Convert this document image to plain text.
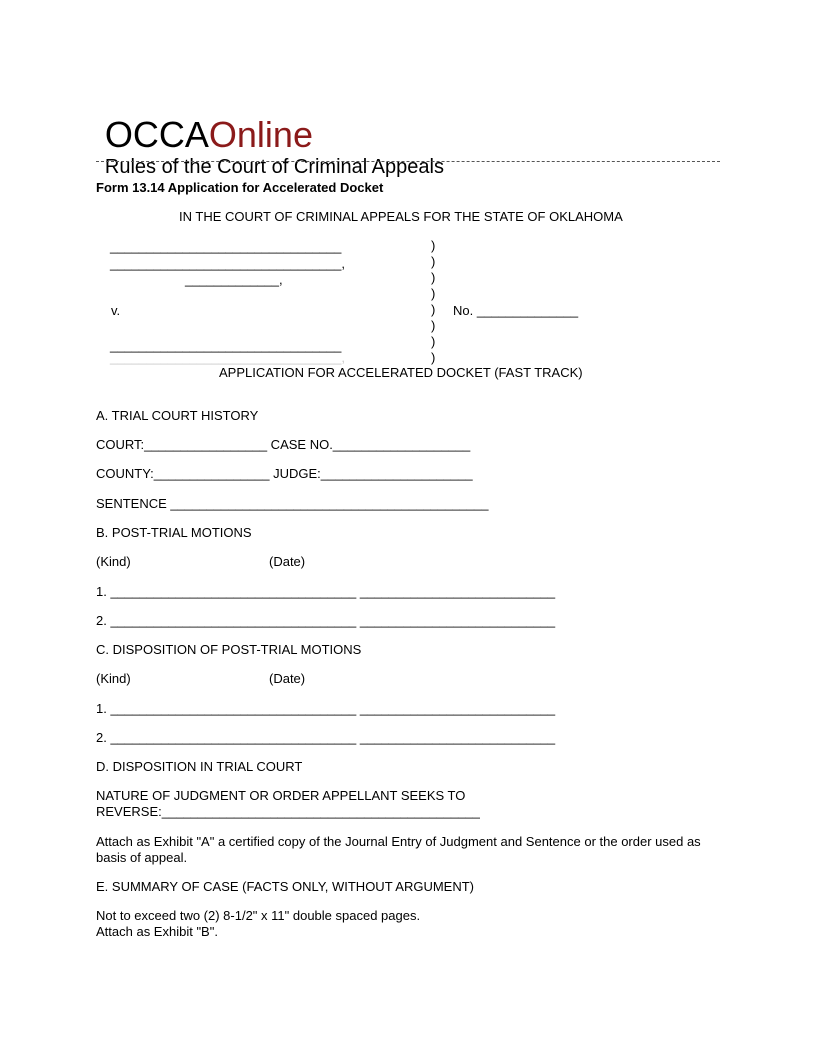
OCCAOnline
Rules of the Court of Criminal Appeals

Form 13.14 Application for Accelerated Docket
IN THE COURT OF CRIMINAL APPEALS FOR THE STATE OF OKLAHOMA
________________________________
________________________________,
_____________,
v.
________________________________
________________________________,
)
)
)
)
)
)
)
)
No. ______________
APPLICATION FOR ACCELERATED DOCKET (FAST TRACK)
A. TRIAL COURT HISTORY
COURT:_________________ CASE NO.___________________
COUNTY:________________ JUDGE:_____________________
SENTENCE ____________________________________________
B. POST-TRIAL MOTIONS
(Kind)	(Date)
1. __________________________________ ___________________________
2. __________________________________ ___________________________
C. DISPOSITION OF POST-TRIAL MOTIONS
(Kind)	(Date)
1. __________________________________ ___________________________
2. __________________________________ ___________________________
D. DISPOSITION IN TRIAL COURT
NATURE OF JUDGMENT OR ORDER APPELLANT SEEKS TO
REVERSE:____________________________________________
Attach as Exhibit "A" a certified copy of the Journal Entry of Judgment and Sentence or the order used as basis of appeal.
E. SUMMARY OF CASE (FACTS ONLY, WITHOUT ARGUMENT)
Not to exceed two (2) 8-1/2" x 11" double spaced pages.
Attach as Exhibit "B".
